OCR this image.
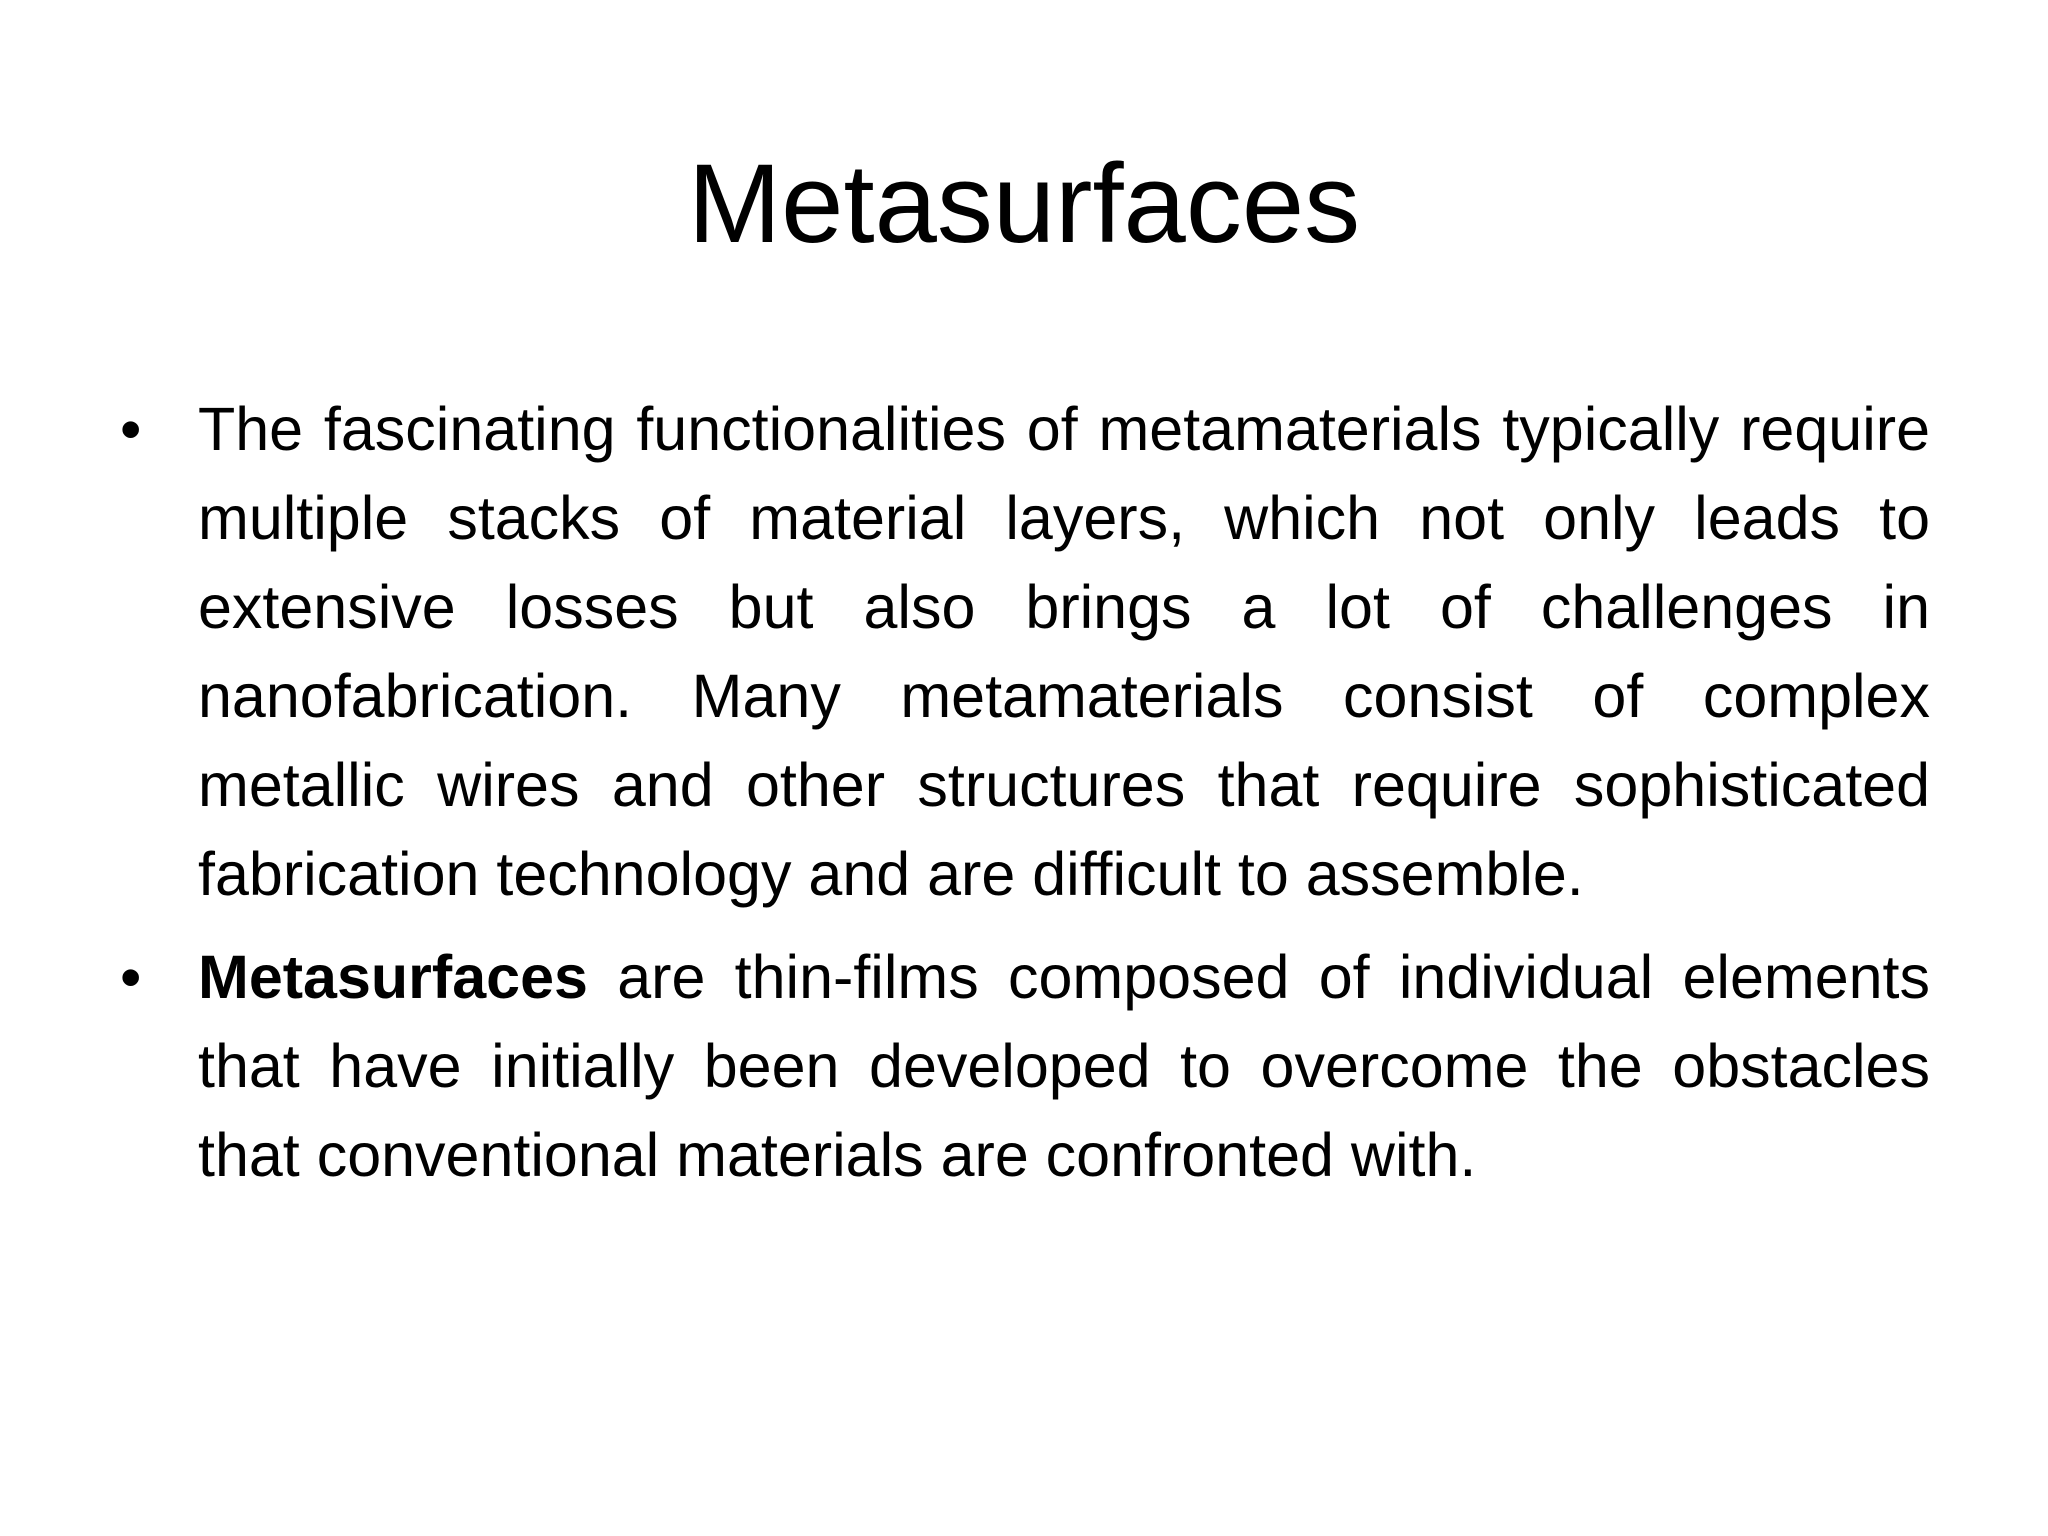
Metasurfaces
• The fascinating functionalities of metamaterials typically require multiple stacks of material layers, which not only leads to extensive losses but also brings a lot of challenges in nanofabrication. Many metamaterials consist of complex metallic wires and other structures that require sophisticated fabrication technology and are difficult to assemble.
• Metasurfaces are thin-films composed of individual elements that have initially been developed to overcome the obstacles that conventional materials are confronted with.
